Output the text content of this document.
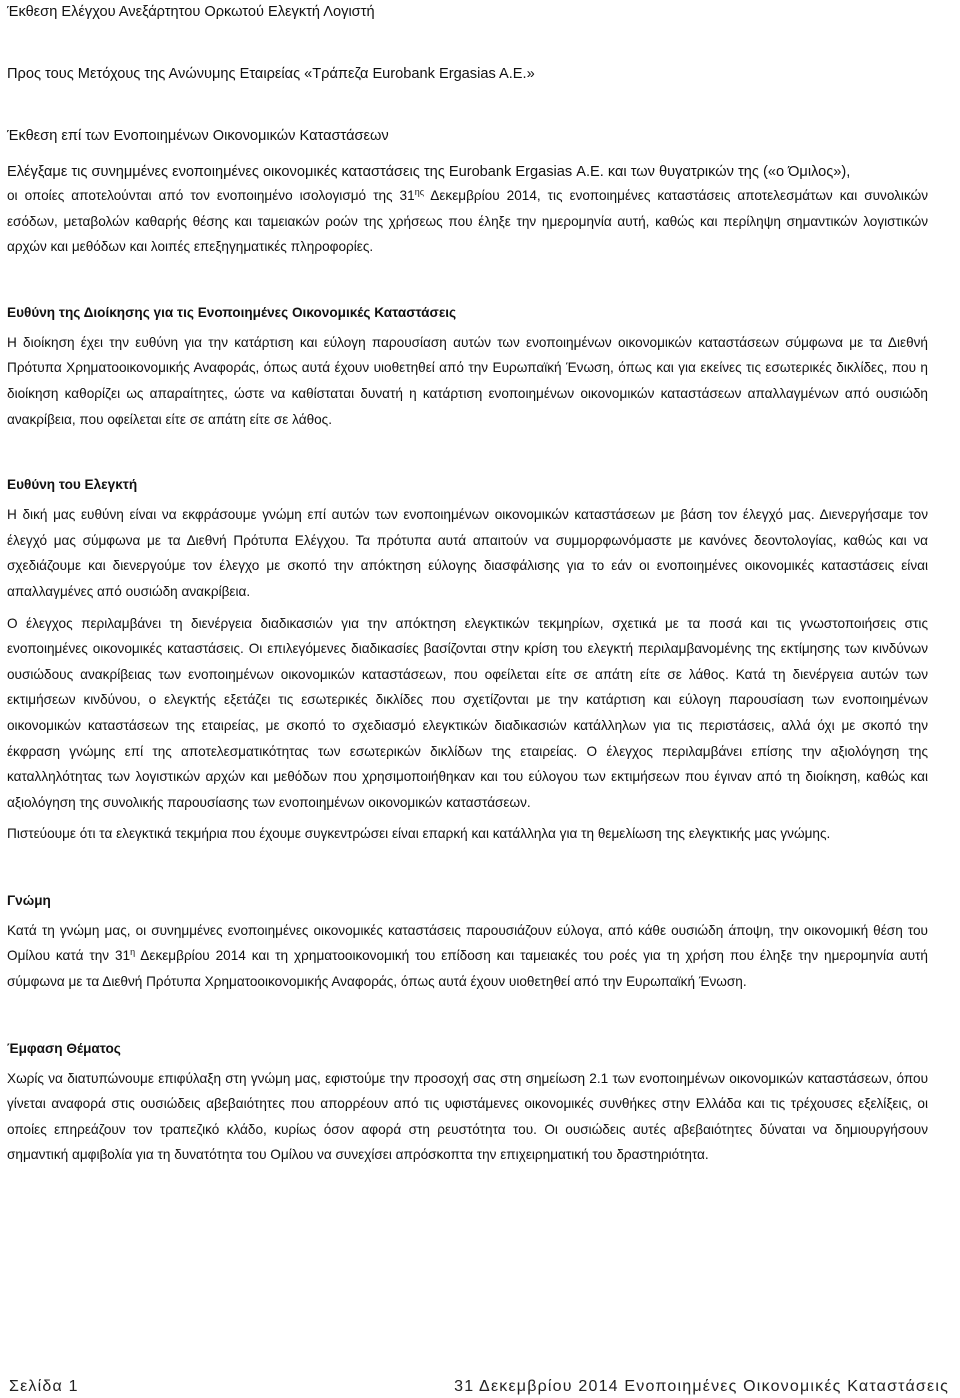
Έκθεση Ελέγχου Ανεξάρτητου Ορκωτού Ελεγκτή Λογιστή

Προς τους Μετόχους της Ανώνυμης Εταιρείας «Τράπεζα Eurobank Ergasias A.E.»

Έκθεση επί των Ενοποιημένων Οικονομικών Καταστάσεων

Ελέγξαμε τις συνημμένες ενοποιημένες οικονομικές καταστάσεις της Eurobank Ergasias Α.Ε. και των θυγατρικών της («ο Όμιλος»),

οι οποίες αποτελούνται από τον ενοποιημένο ισολογισμό της $31^{\eta\varsigma}$ Δεκεμβρίου 2014, τις ενοποιημένες καταστάσεις αποτελεσμάτων και συνολικών εσόδων, μεταβολών καθαρής θέσης και ταμειακών ροών της χρήσεως που έληξε την ημερομηνία αυτή, καθώς και περίληψη σημαντικών λογιστικών αρχών και μεθόδων και λοιπές επεξηγηματικές πληροφορίες.

Ευθύνη της Διοίκησης για τις Ενοποιημένες Οικονομικές Καταστάσεις

Η διοίκηση έχει την ευθύνη για την κατάρτιση και εύλογη παρουσίαση αυτών των ενοποιημένων οικονομικών καταστάσεων σύμφωνα με τα Διεθνή Πρότυπα Χρηματοοικονομικής Αναφοράς, όπως αυτά έχουν υιοθετηθεί από την Ευρωπαϊκή Ένωση, όπως και για εκείνες τις εσωτερικές δικλίδες, που η διοίκηση καθορίζει ως απαραίτητες, ώστε να καθίσταται δυνατή η κατάρτιση ενοποιημένων οικονομικών καταστάσεων απαλλαγμένων από ουσιώδη ανακρίβεια, που οφείλεται είτε σε απάτη είτε σε λάθος.

Ευθύνη του Ελεγκτή

Η δική μας ευθύνη είναι να εκφράσουμε γνώμη επί αυτών των ενοποιημένων οικονομικών καταστάσεων με βάση τον έλεγχό μας. Διενεργήσαμε τον έλεγχό μας σύμφωνα με τα Διεθνή Πρότυπα Ελέγχου. Τα πρότυπα αυτά απαιτούν να συμμορφωνόμαστε με κανόνες δεοντολογίας, καθώς και να σχεδιάζουμε και διενεργούμε τον έλεγχο με σκοπό την απόκτηση εύλογης διασφάλισης για το εάν οι ενοποιημένες οικονομικές καταστάσεις είναι απαλλαγμένες από ουσιώδη ανακρίβεια.

Ο έλεγχος περιλαμβάνει τη διενέργεια διαδικασιών για την απόκτηση ελεγκτικών τεκμηρίων, σχετικά με τα ποσά και τις γνωστοποιήσεις στις ενοποιημένες οικονομικές καταστάσεις. Οι επιλεγόμενες διαδικασίες βασίζονται στην κρίση του ελεγκτή περιλαμβανομένης της εκτίμησης των κινδύνων ουσιώδους ανακρίβειας των ενοποιημένων οικονομικών καταστάσεων, που οφείλεται είτε σε απάτη είτε σε λάθος. Κατά τη διενέργεια αυτών των εκτιμήσεων κινδύνου, ο ελεγκτής εξετάζει τις εσωτερικές δικλίδες που σχετίζονται με την κατάρτιση και εύλογη παρουσίαση των ενοποιημένων οικονομικών καταστάσεων της εταιρείας, με σκοπό το σχεδιασμό ελεγκτικών διαδικασιών κατάλληλων για τις περιστάσεις, αλλά όχι με σκοπό την έκφραση γνώμης επί της αποτελεσματικότητας των εσωτερικών δικλίδων της εταιρείας. Ο έλεγχος περιλαμβάνει επίσης την αξιολόγηση της καταλληλότητας των λογιστικών αρχών και μεθόδων που χρησιμοποιήθηκαν και του εύλογου των εκτιμήσεων που έγιναν από τη διοίκηση, καθώς και αξιολόγηση της συνολικής παρουσίασης των ενοποιημένων οικονομικών καταστάσεων.

Πιστεύουμε ότι τα ελεγκτικά τεκμήρια που έχουμε συγκεντρώσει είναι επαρκή και κατάλληλα για τη θεμελίωση της ελεγκτικής μας γνώμης.

Γνώμη

Κατά τη γνώμη μας, οι συνημμένες ενοποιημένες οικονομικές καταστάσεις παρουσιάζουν εύλογα, από κάθε ουσιώδη άποψη, την οικονομική θέση του Ομίλου κατά την $31^\eta$ Δεκεμβρίου 2014 και τη χρηματοοικονομική του επίδοση και ταμειακές του ροές για τη χρήση που έληξε την ημερομηνία αυτή σύμφωνα με τα Διεθνή Πρότυπα Χρηματοοικονομικής Αναφοράς, όπως αυτά έχουν υιοθετηθεί από την Ευρωπαϊκή Ένωση.

Έμφαση Θέματος

Χωρίς να διατυπώνουμε επιφύλαξη στη γνώμη μας, εφιστούμε την προσοχή σας στη σημείωση 2.1 των ενοποιημένων οικονομικών καταστάσεων, όπου γίνεται αναφορά στις ουσιώδεις αβεβαιότητες που απορρέουν από τις υφιστάμενες οικονομικές συνθήκες στην Ελλάδα και τις τρέχουσες εξελίξεις, οι οποίες επηρεάζουν τον τραπεζικό κλάδο, κυρίως όσον αφορά στη ρευστότητα του. Οι ουσιώδεις αυτές αβεβαιότητες δύναται να δημιουργήσουν σημαντική αμφιβολία για τη δυνατότητα του Ομίλου να συνεχίσει απρόσκοπτα την επιχειρηματική του δραστηριότητα.

Σελίδα 1	31 Δεκεμβρίου 2014 Ενοποιημένες Οικονομικές Καταστάσεις
